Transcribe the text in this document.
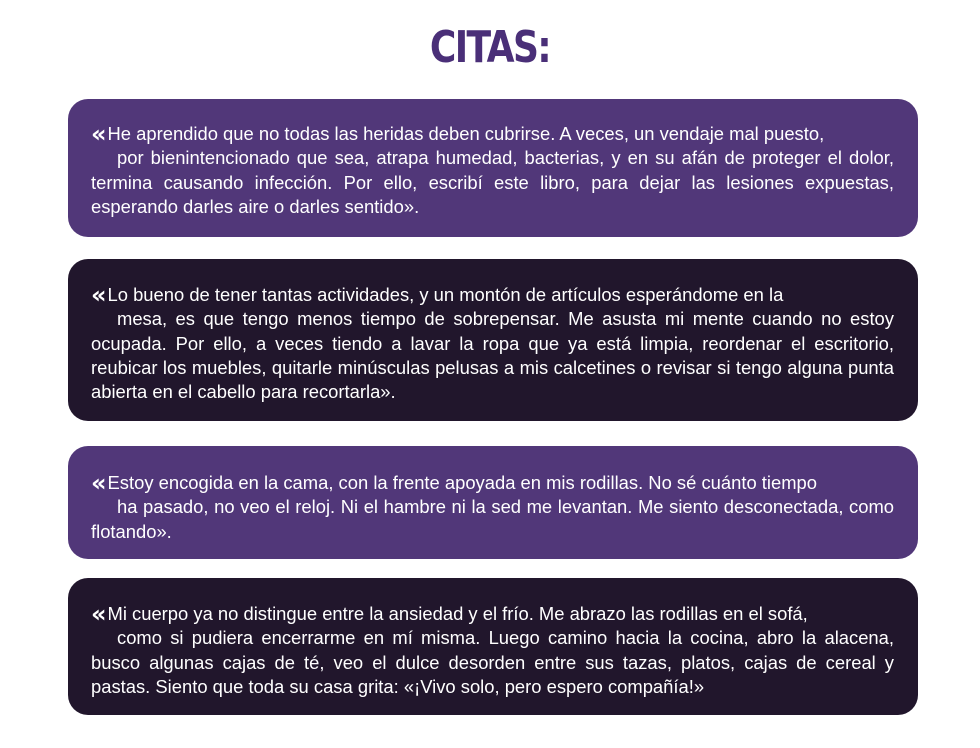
CITAS:

« He aprendido que no todas las heridas deben cubrirse. A veces, un vendaje mal puesto,
por bienintencionado que sea, atrapa humedad, bacterias, y en su afán de proteger el dolor, termina causando infección. Por ello, escribí este libro, para dejar las lesiones expuestas, esperando darles aire o darles sentido».

« Lo bueno de tener tantas actividades, y un montón de artículos esperándome en la
mesa, es que tengo menos tiempo de sobrepensar. Me asusta mi mente cuando no estoy ocupada. Por ello, a veces tiendo a lavar la ropa que ya está limpia, reordenar el escritorio, reubicar los muebles, quitarle minúsculas pelusas a mis calcetines o revisar si tengo alguna punta abierta en el cabello para recortarla».

« Estoy encogida en la cama, con la frente apoyada en mis rodillas. No sé cuánto tiempo
ha pasado, no veo el reloj. Ni el hambre ni la sed me levantan. Me siento desconectada, como flotando».

« Mi cuerpo ya no distingue entre la ansiedad y el frío. Me abrazo las rodillas en el sofá,
como si pudiera encerrarme en mí misma. Luego camino hacia la cocina, abro la alacena, busco algunas cajas de té, veo el dulce desorden entre sus tazas, platos, cajas de cereal y pastas. Siento que toda su casa grita: «¡Vivo solo, pero espero compañía!»
